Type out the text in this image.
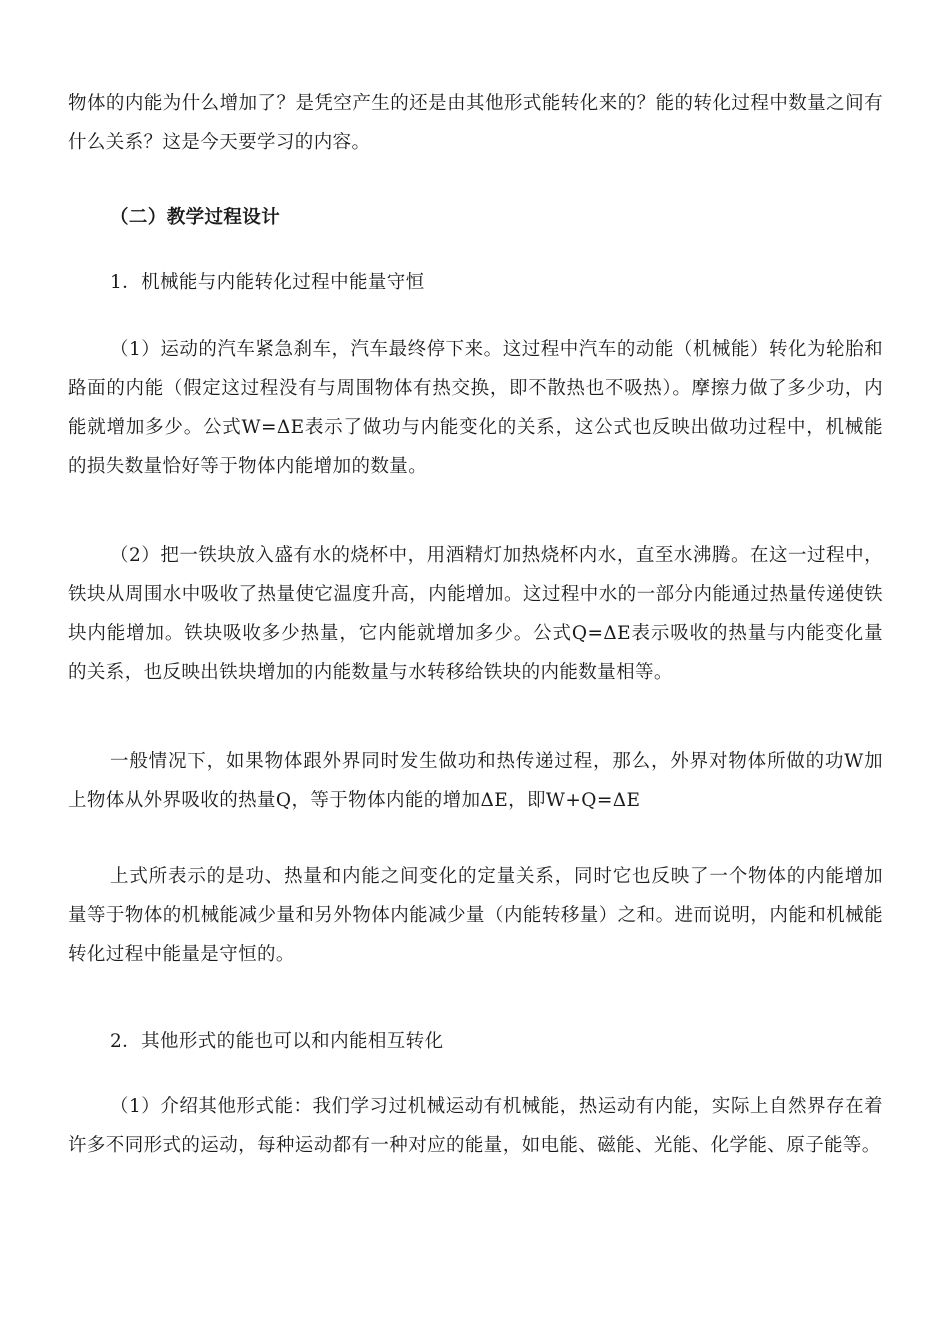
物体的内能为什么增加了？是凭空产生的还是由其他形式能转化来的？能的转化过程中数量之间有什么关系？这是今天要学习的内容。

（二）教学过程设计

1．机械能与内能转化过程中能量守恒

（1）运动的汽车紧急刹车，汽车最终停下来。这过程中汽车的动能（机械能）转化为轮胎和路面的内能（假定这过程没有与周围物体有热交换，即不散热也不吸热）。摩擦力做了多少功，内能就增加多少。公式W=ΔE表示了做功与内能变化的关系，这公式也反映出做功过程中，机械能的损失数量恰好等于物体内能增加的数量。

（2）把一铁块放入盛有水的烧杯中，用酒精灯加热烧杯内水，直至水沸腾。在这一过程中，铁块从周围水中吸收了热量使它温度升高，内能增加。这过程中水的一部分内能通过热量传递使铁块内能增加。铁块吸收多少热量，它内能就增加多少。公式Q=ΔE表示吸收的热量与内能变化量的关系，也反映出铁块增加的内能数量与水转移给铁块的内能数量相等。

一般情况下，如果物体跟外界同时发生做功和热传递过程，那么，外界对物体所做的功W加上物体从外界吸收的热量Q，等于物体内能的增加ΔE，即W+Q=ΔE

上式所表示的是功、热量和内能之间变化的定量关系，同时它也反映了一个物体的内能增加量等于物体的机械能减少量和另外物体内能减少量（内能转移量）之和。进而说明，内能和机械能转化过程中能量是守恒的。

2．其他形式的能也可以和内能相互转化

（1）介绍其他形式能：我们学习过机械运动有机械能，热运动有内能，实际上自然界存在着许多不同形式的运动，每种运动都有一种对应的能量，如电能、磁能、光能、化学能、原子能等。
